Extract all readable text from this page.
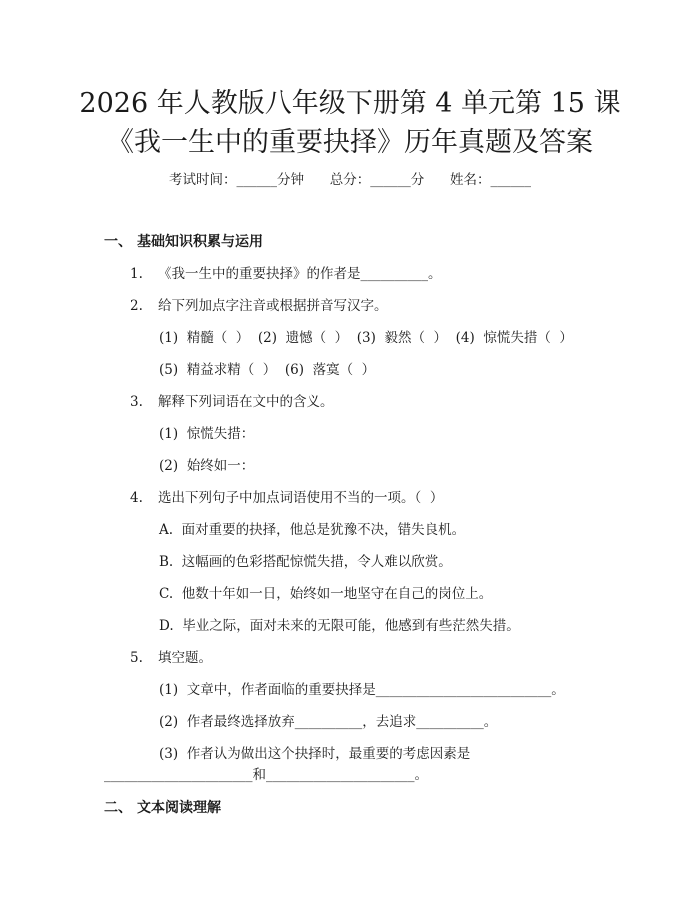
2026 年人教版八年级下册第 4 单元第 15 课
《我一生中的重要抉择》历年真题及答案
考试时间：______分钟      总分：______分      姓名：______
一、 基础知识积累与运用
1. 《我一生中的重要抉择》的作者是__________。
2. 给下列加点字注音或根据拼音写汉字。
(1)  精髓（  ）  (2)  遗憾（  ）  (3)  毅然（  ）  (4)  惊慌失措（  ）
(5)  精益求精（  ）  (6)  落寞（  ）
3. 解释下列词语在文中的含义。
(1)  惊慌失措：
(2)  始终如一：
4. 选出下列句子中加点词语使用不当的一项。（  ）
A.  面对重要的抉择，他总是犹豫不决，错失良机。
B.  这幅画的色彩搭配惊慌失措，令人难以欣赏。
C.  他数十年如一日，始终如一地坚守在自己的岗位上。
D.  毕业之际，面对未来的无限可能，他感到有些茫然失措。
5. 填空题。
(1)  文章中，作者面临的重要抉择是__________________________。
(2)  作者最终选择放弃__________，去追求__________。
(3)  作者认为做出这个抉择时，最重要的考虑因素是
______________________和______________________。
二、 文本阅读理解
